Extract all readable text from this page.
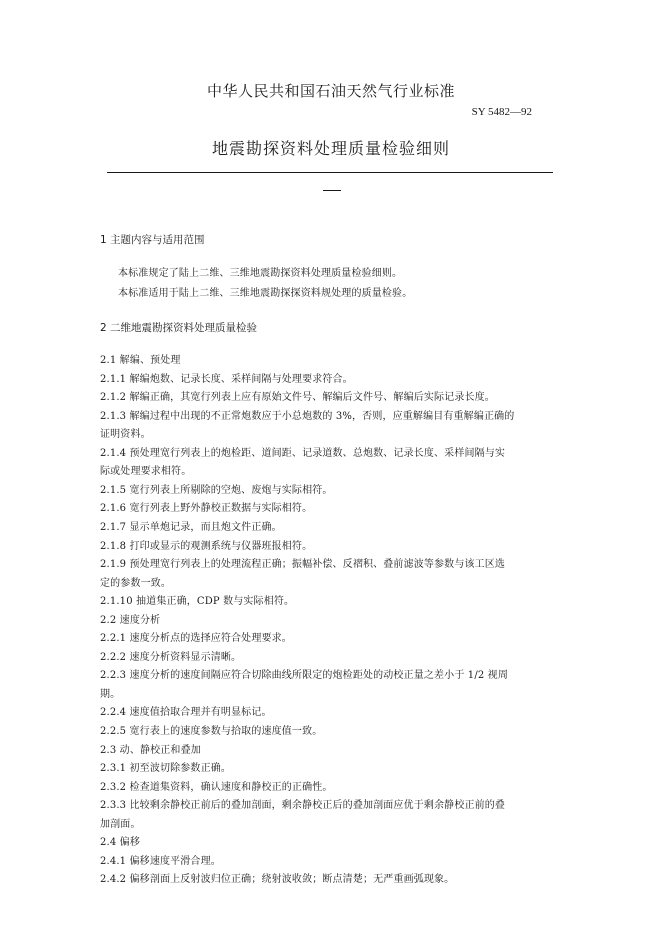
中华人民共和国石油天然气行业标准
SY 5482—92
地震勘探资料处理质量检验细则
1 主题内容与适用范围
本标准规定了陆上二维、三维地震勘探资料处理质量检验细则。
本标准适用于陆上二维、三维地震勘探探资料规处理的质量检验。
2 二维地震勘探资料处理质量检验
2.1 解编、预处理
2.1.1 解编炮数、记录长度、采样间隔与处理要求符合。
2.1.2 解编正确，其宽行列表上应有原始文件号、解编后文件号、解编后实际记录长度。
2.1.3 解编过程中出现的不正常炮数应于小总炮数的 3%，否则，应重解编目有重解编正确的
证明资料。
2.1.4 预处理宽行列表上的炮检距、道间距、记录道数、总炮数、记录长度、采样间隔与实
际或处理要求相符。
2.1.5 宽行列表上所剔除的空炮、废炮与实际相符。
2.1.6 宽行列表上野外静校正数据与实际相符。
2.1.7 显示单炮记录，而且炮文件正确。
2.1.8 打印或显示的观测系统与仪器班报相符。
2.1.9 预处理宽行列表上的处理流程正确；振幅补偿、反褶积、叠前滤波等参数与该工区选
定的参数一致。
2.1.10 抽道集正确，CDP 数与实际相符。
2.2 速度分析
2.2.1 速度分析点的选择应符合处理要求。
2.2.2 速度分析资料显示清晰。
2.2.3 速度分析的速度间隔应符合切除曲线所限定的炮检距处的动校正量之差小于 1/2 视周
期。
2.2.4 速度值拾取合理并有明显标记。
2.2.5 宽行表上的速度参数与拾取的速度值一致。
2.3 动、静校正和叠加
2.3.1 初至波切除参数正确。
2.3.2 检查道集资料，确认速度和静校正的正确性。
2.3.3 比较剩余静校正前后的叠加剖面，剩余静校正后的叠加剖面应优于剩余静校正前的叠
加剖面。
2.4 偏移
2.4.1 偏移速度平滑合理。
2.4.2 偏移剖面上反射波归位正确；绕射波收敛；断点清楚；无严重画弧现象。
